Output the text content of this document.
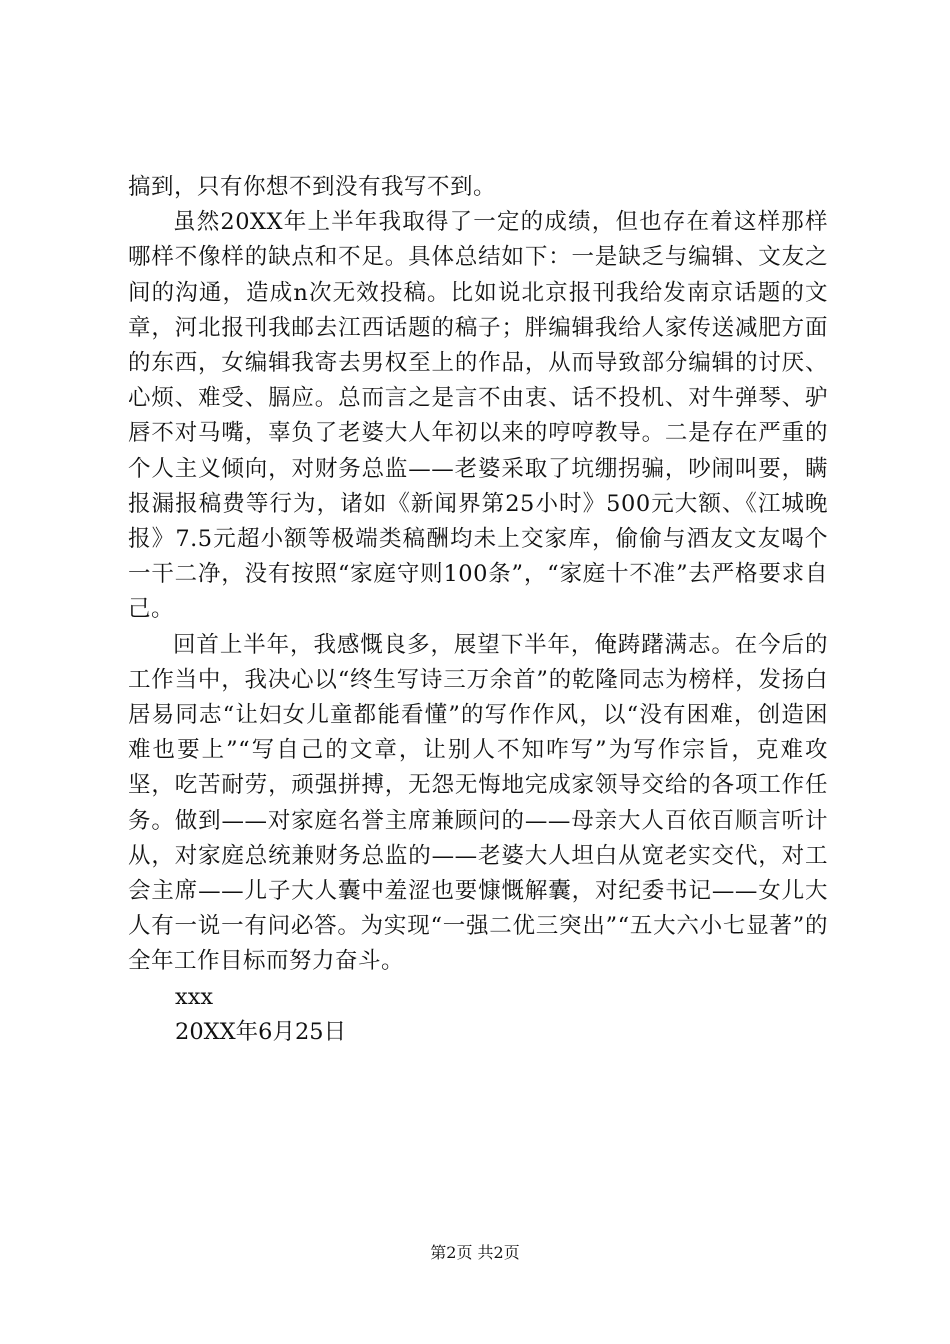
搞到，只有你想不到没有我写不到。

虽然20XX年上半年我取得了一定的成绩，但也存在着这样那样哪样不像样的缺点和不足。具体总结如下：一是缺乏与编辑、文友之间的沟通，造成n次无效投稿。比如说北京报刊我给发南京话题的文章，河北报刊我邮去江西话题的稿子；胖编辑我给人家传送减肥方面的东西，女编辑我寄去男权至上的作品，从而导致部分编辑的讨厌、心烦、难受、膈应。总而言之是言不由衷、话不投机、对牛弹琴、驴唇不对马嘴，辜负了老婆大人年初以来的哼哼教导。二是存在严重的个人主义倾向，对财务总监——老婆采取了坑绷拐骗，吵闹叫要，瞒报漏报稿费等行为，诸如《新闻界第25小时》500元大额、《江城晚报》7.5元超小额等极端类稿酬均未上交家库，偷偷与酒友文友喝个一干二净，没有按照“家庭守则100条”，“家庭十不准”去严格要求自己。

回首上半年，我感慨良多，展望下半年，俺踌躇满志。在今后的工作当中，我决心以“终生写诗三万余首”的乾隆同志为榜样，发扬白居易同志“让妇女儿童都能看懂”的写作作风，以“没有困难，创造困难也要上”“写自己的文章，让别人不知咋写”为写作宗旨，克难攻坚，吃苦耐劳，顽强拼搏，无怨无悔地完成家领导交给的各项工作任务。做到——对家庭名誉主席兼顾问的——母亲大人百依百顺言听计从，对家庭总统兼财务总监的——老婆大人坦白从宽老实交代，对工会主席——儿子大人囊中羞涩也要慷慨解囊，对纪委书记——女儿大人有一说一有问必答。为实现“一强二优三突出”“五大六小七显著”的全年工作目标而努力奋斗。

xxx

20XX年6月25日

第2页 共2页
